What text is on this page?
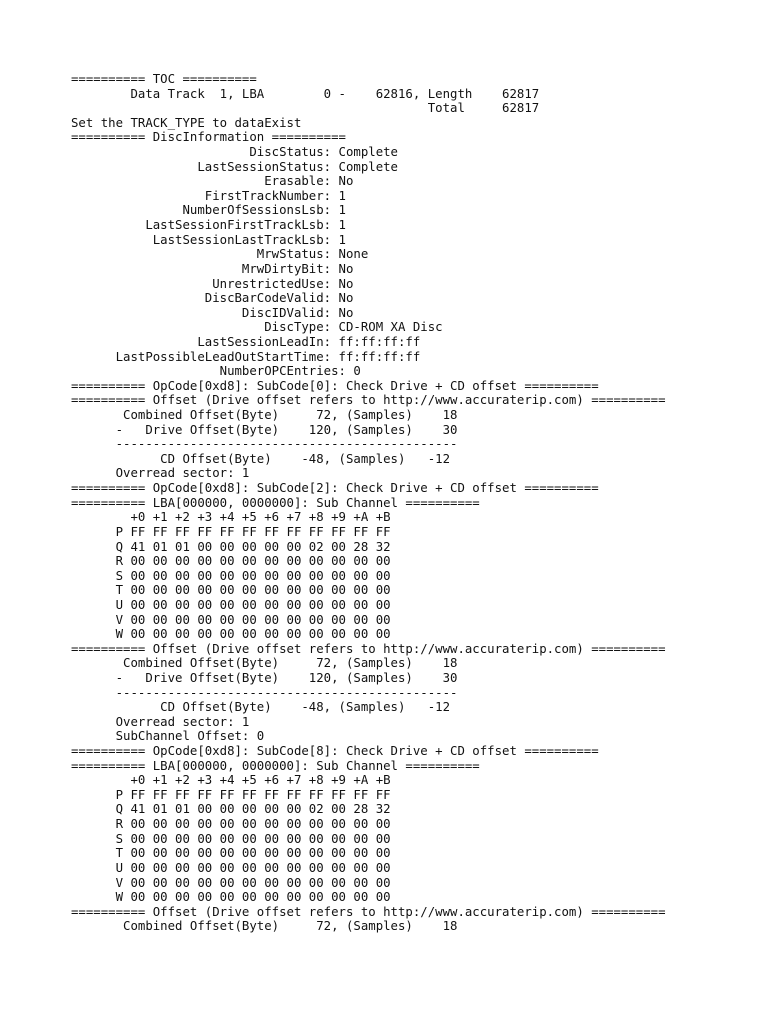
========== TOC ==========
Data Track  1, LBA        0 -    62816, Length    62817
Total     62817
Set the TRACK_TYPE to dataExist
========== DiscInformation ==========
DiscStatus: Complete
LastSessionStatus: Complete
Erasable: No
FirstTrackNumber: 1
NumberOfSessionsLsb: 1
LastSessionFirstTrackLsb: 1
LastSessionLastTrackLsb: 1
MrwStatus: None
MrwDirtyBit: No
UnrestrictedUse: No
DiscBarCodeValid: No
DiscIDValid: No
DiscType: CD-ROM XA Disc
LastSessionLeadIn: ff:ff:ff:ff
LastPossibleLeadOutStartTime: ff:ff:ff:ff
NumberOPCEntries: 0
========== OpCode[0xd8]: SubCode[0]: Check Drive + CD offset ==========
========== Offset (Drive offset refers to http://www.accuraterip.com) ==========
Combined Offset(Byte)     72, (Samples)    18
-   Drive Offset(Byte)    120, (Samples)    30
----------------------------------------------
CD Offset(Byte)    -48, (Samples)   -12
Overread sector: 1
========== OpCode[0xd8]: SubCode[2]: Check Drive + CD offset ==========
========== LBA[000000, 0000000]: Sub Channel ==========
+0 +1 +2 +3 +4 +5 +6 +7 +8 +9 +A +B
P FF FF FF FF FF FF FF FF FF FF FF FF
Q 41 01 01 00 00 00 00 00 02 00 28 32
R 00 00 00 00 00 00 00 00 00 00 00 00
S 00 00 00 00 00 00 00 00 00 00 00 00
T 00 00 00 00 00 00 00 00 00 00 00 00
U 00 00 00 00 00 00 00 00 00 00 00 00
V 00 00 00 00 00 00 00 00 00 00 00 00
W 00 00 00 00 00 00 00 00 00 00 00 00
========== Offset (Drive offset refers to http://www.accuraterip.com) ==========
Combined Offset(Byte)     72, (Samples)    18
-   Drive Offset(Byte)    120, (Samples)    30
----------------------------------------------
CD Offset(Byte)    -48, (Samples)   -12
Overread sector: 1
SubChannel Offset: 0
========== OpCode[0xd8]: SubCode[8]: Check Drive + CD offset ==========
========== LBA[000000, 0000000]: Sub Channel ==========
+0 +1 +2 +3 +4 +5 +6 +7 +8 +9 +A +B
P FF FF FF FF FF FF FF FF FF FF FF FF
Q 41 01 01 00 00 00 00 00 02 00 28 32
R 00 00 00 00 00 00 00 00 00 00 00 00
S 00 00 00 00 00 00 00 00 00 00 00 00
T 00 00 00 00 00 00 00 00 00 00 00 00
U 00 00 00 00 00 00 00 00 00 00 00 00
V 00 00 00 00 00 00 00 00 00 00 00 00
W 00 00 00 00 00 00 00 00 00 00 00 00
========== Offset (Drive offset refers to http://www.accuraterip.com) ==========
Combined Offset(Byte)     72, (Samples)    18
